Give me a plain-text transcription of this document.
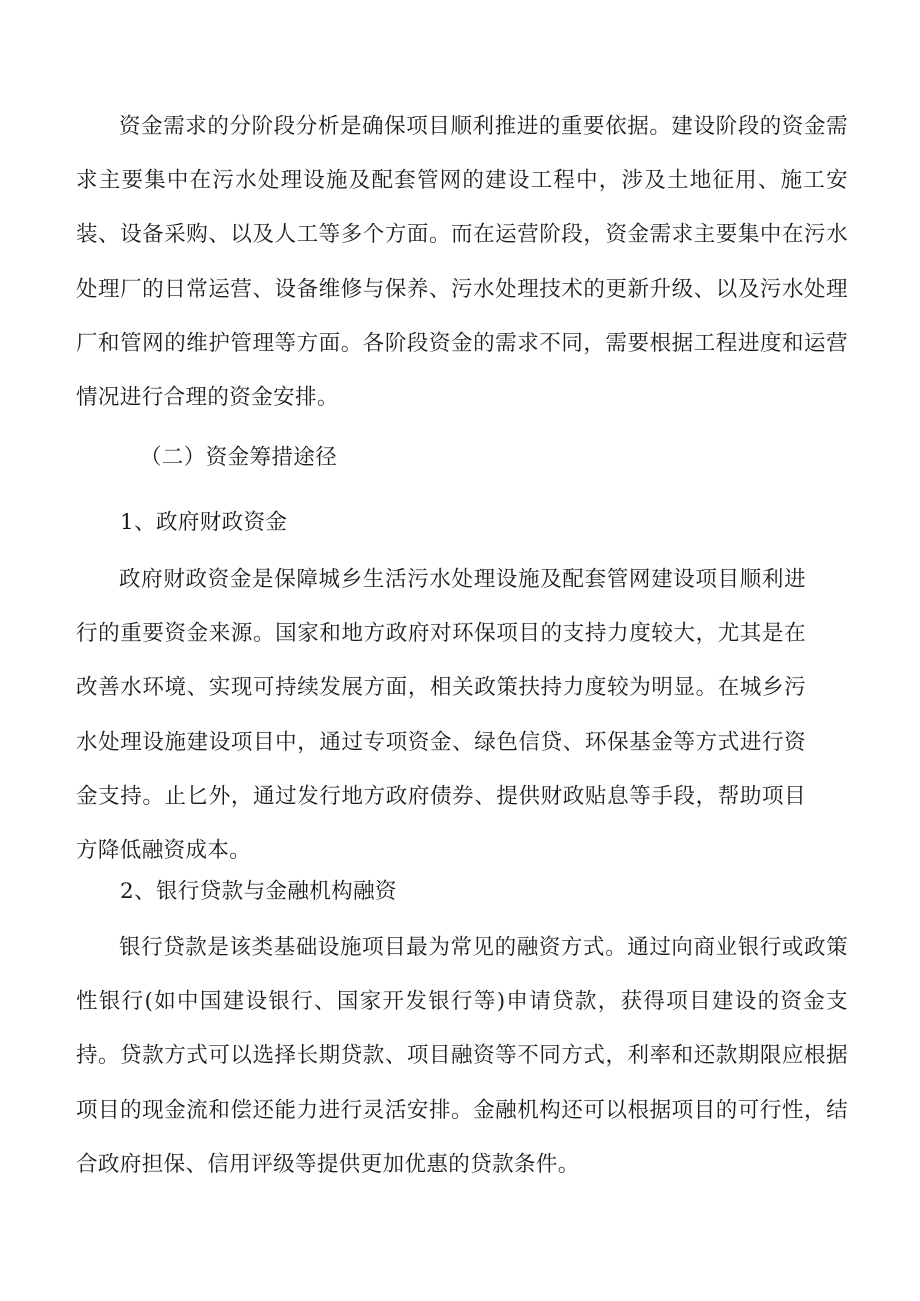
资金需求的分阶段分析是确保项目顺利推进的重要依据。建设阶段的资金需求主要集中在污水处理设施及配套管网的建设工程中，涉及土地征用、施工安装、设备采购、以及人工等多个方面。而在运营阶段，资金需求主要集中在污水处理厂的日常运营、设备维修与保养、污水处理技术的更新升级、以及污水处理厂和管网的维护管理等方面。各阶段资金的需求不同，需要根据工程进度和运营情况进行合理的资金安排。

（二）资金筹措途径
1、政府财政资金

政府财政资金是保障城乡生活污水处理设施及配套管网建设项目顺利进行的重要资金来源。国家和地方政府对环保项目的支持力度较大，尤其是在改善水环境、实现可持续发展方面，相关政策扶持力度较为明显。在城乡污水处理设施建设项目中，通过专项资金、绿色信贷、环保基金等方式进行资金支持。止匕外，通过发行地方政府债券、提供财政贴息等手段，帮助项目方降低融资成本。

2、银行贷款与金融机构融资

银行贷款是该类基础设施项目最为常见的融资方式。通过向商业银行或政策性银行(如中国建设银行、国家开发银行等)申请贷款，获得项目建设的资金支持。贷款方式可以选择长期贷款、项目融资等不同方式，利率和还款期限应根据项目的现金流和偿还能力进行灵活安排。金融机构还可以根据项目的可行性，结合政府担保、信用评级等提供更加优惠的贷款条件。
